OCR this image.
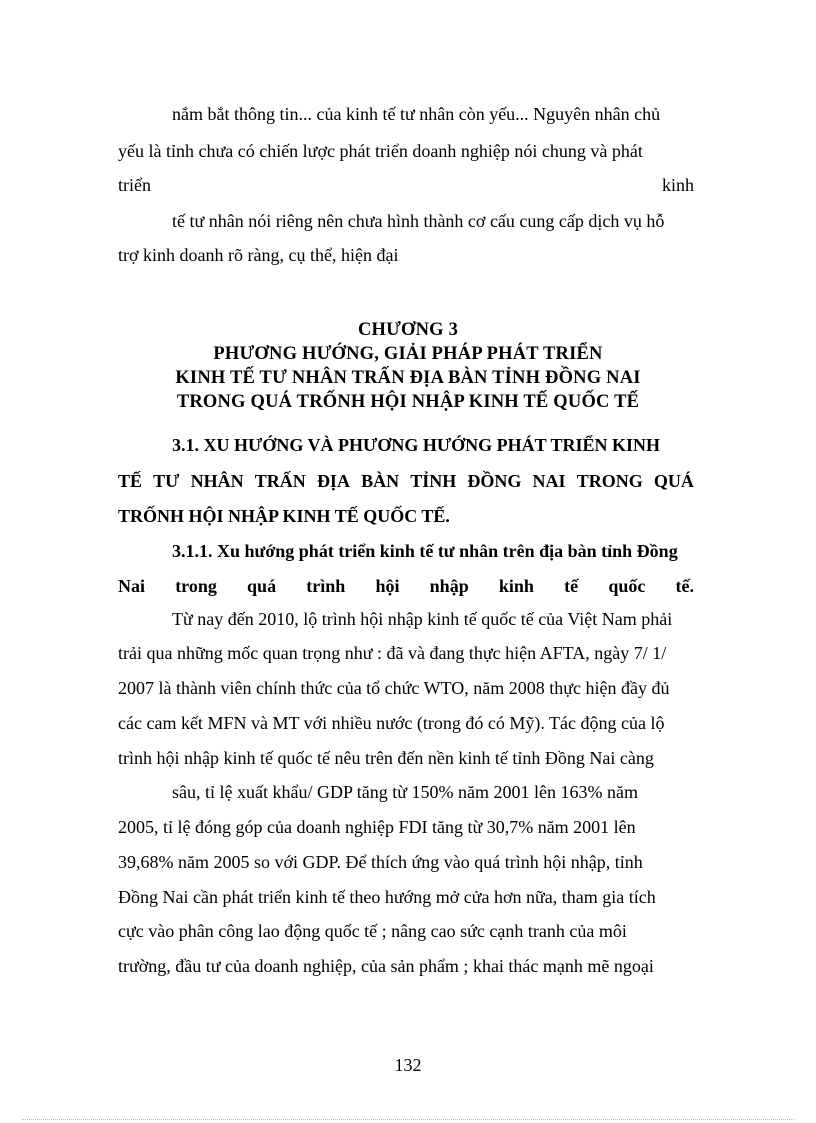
nắm bắt thông tin... của kinh tế tư nhân còn yếu... Nguyên nhân chủ
yếu là tỉnh chưa có chiến lược phát triển doanh nghiệp nói chung và phát
triển	kinh
tế tư nhân nói riêng nên chưa hình thành cơ cấu cung cấp dịch vụ hỗ
trợ kinh doanh rõ ràng, cụ thể, hiện đại
CHƯƠNG 3
PHƯƠNG HƯỚNG, GIẢI PHÁP PHÁT TRIỂN
KINH TẾ TƯ NHÂN TRẤN ĐỊA BÀN TỈNH ĐỒNG NAI
TRONG QUÁ TRỐNH HỘI NHẬP KINH TẾ QUỐC TẾ
3.1. XU HƯỚNG VÀ PHƯƠNG HƯỚNG PHÁT TRIỂN KINH
TẾ TƯ NHÂN TRẤN ĐỊA BÀN TỈNH ĐỒNG NAI TRONG QUÁ
TRỐNH HỘI NHẬP KINH TẾ QUỐC TẾ.
3.1.1. Xu hướng phát triển kinh tế tư nhân trên địa bàn tỉnh Đồng
Nai trong quá trình hội nhập kinh tế quốc tế.
Từ nay đến 2010, lộ trình hội nhập kinh tế quốc tế của Việt Nam phải
trải qua những mốc quan trọng như : đã và đang thực hiện AFTA, ngày 7/ 1/
2007 là thành viên chính thức của tổ chức WTO, năm 2008 thực hiện đầy đủ
các cam kết MFN và MT với nhiều nước (trong đó có Mỹ). Tác động của lộ
trình hội nhập kinh tế quốc tế nêu trên đến nền kinh tế tỉnh Đồng Nai càng
sâu, tỉ lệ xuất khẩu/ GDP tăng từ 150% năm 2001 lên 163% năm
2005, tỉ lệ đóng góp của doanh nghiệp FDI tăng từ 30,7% năm 2001 lên
39,68% năm 2005 so với GDP. Để thích ứng vào quá trình hội nhập, tỉnh
Đồng Nai cần phát triển kinh tế theo hướng mở cửa hơn nữa, tham gia tích
cực vào phân công lao động quốc tế ; nâng cao sức cạnh tranh của môi
trường, đầu tư của doanh nghiệp, của sản phẩm ; khai thác mạnh mẽ ngoại
132
